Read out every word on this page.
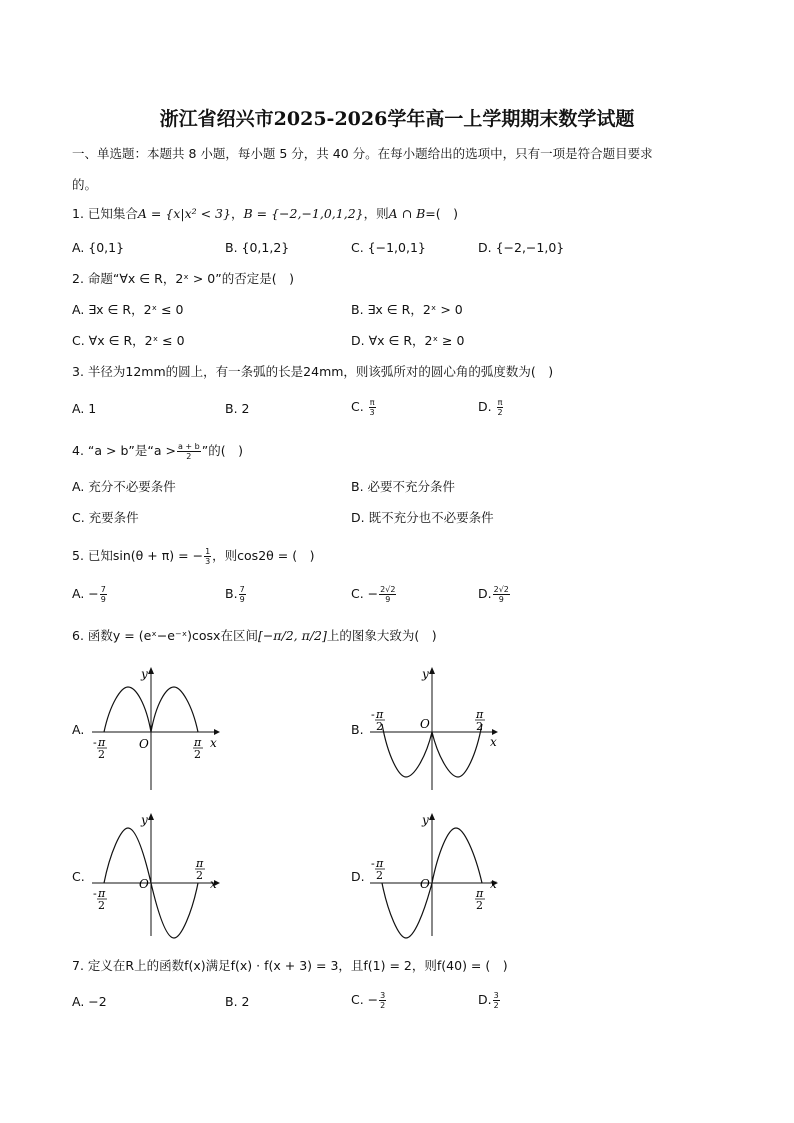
浙江省绍兴市2025-2026学年高一上学期期末数学试题
一、单选题：本题共 8 小题，每小题 5 分，共 40 分。在每小题给出的选项中，只有一项是符合题目要求
的。
1. 已知集合A = {x|x² < 3}，B = {−2,−1,0,1,2}，则A ∩ B=(　)
A. {0,1}	B. {0,1,2}	C. {−1,0,1}	D. {−2,−1,0}
2. 命题“∀x ∈ R，2ˣ > 0”的否定是(　)
A. ∃x ∈ R，2ˣ ≤ 0	B. ∃x ∈ R，2ˣ > 0
C. ∀x ∈ R，2ˣ ≤ 0	D. ∀x ∈ R，2ˣ ≥ 0
3. 半径为12mm的圆上，有一条弧的长是24mm，则该弧所对的圆心角的弧度数为(　)
A. 1	B. 2	C. $\frac{\pi}{3}$	D. $\frac{\pi}{2}$
4. “a > b”是“$a > \frac{a + b}{2}$ ”的(　)
A. 充分不必要条件	B. 必要不充分条件
C. 充要条件	D. 既不充分也不必要条件
5. 已知sin(θ + π) = − $\frac{1}{3}$ ，则cos2θ = (　)
A. − $\frac{7}{9}$	B. $\frac{7}{9}$	C. − $\frac{2√2}{9}$	D. $\frac{2√2}{9}$
6. 函数y = (eˣ−e⁻ˣ)cosx在区间[−π/2, π/2]上的图象大致为(　)
A.	B.
C.	D.
y
x
O
- π
2
π
2
y
x
O
- π
2
π
2
y
x
O
- π
2
π
2
y
x
O
- π
2
π
2
7. 定义在R上的函数f(x)满足f(x) · f(x + 3) = 3，且f(1) = 2，则f(40) = (　)
A. −2	B. 2	C. − $\frac{3}{2}$	D. $\frac{3}{2}$
